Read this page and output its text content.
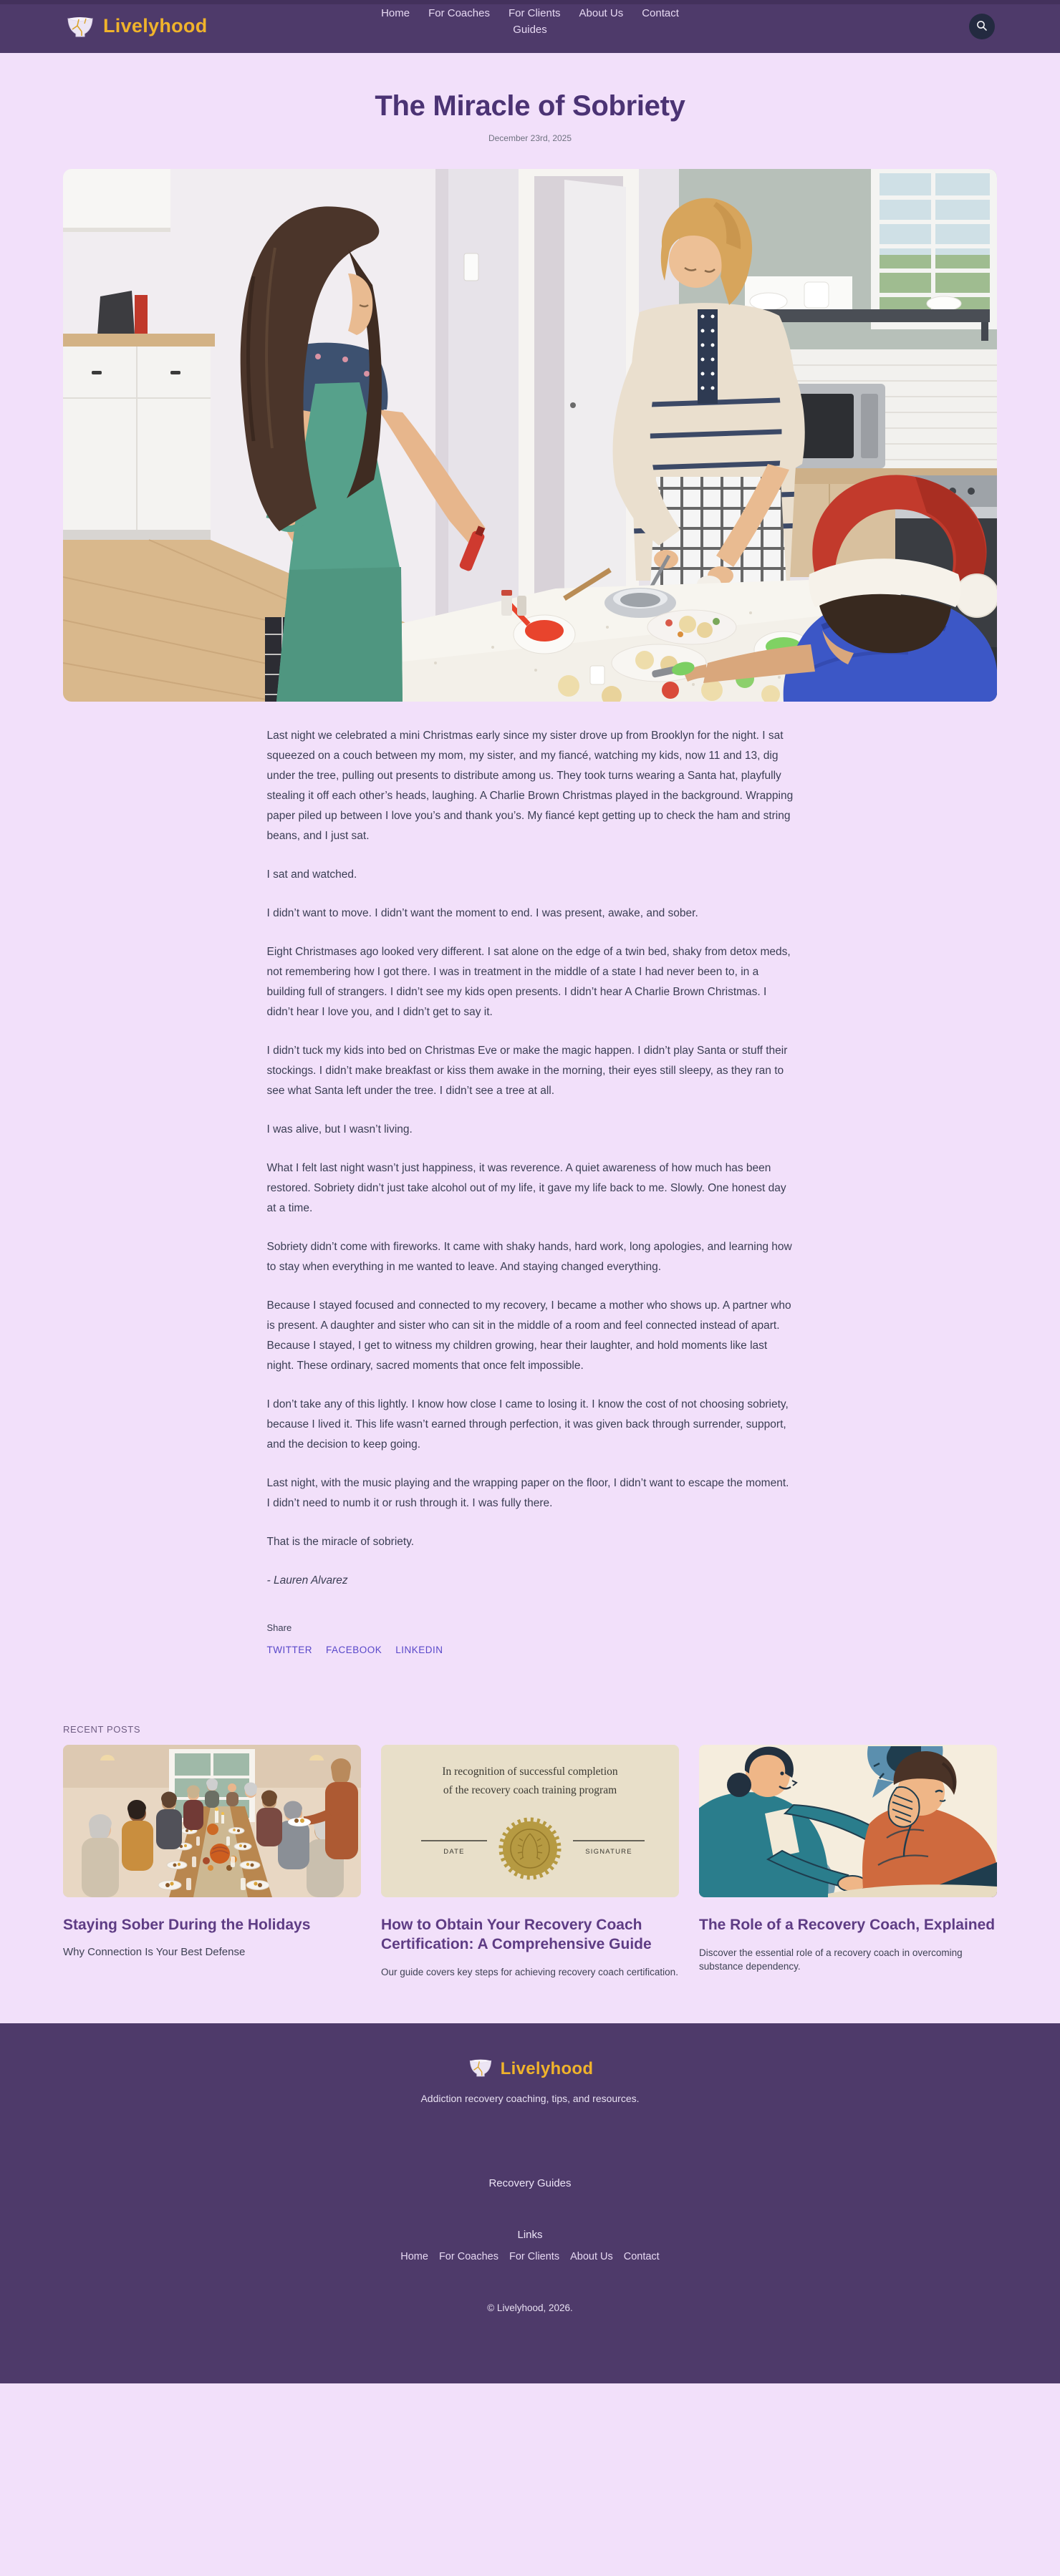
Livelyhood
Home For Coaches For Clients About Us Contact
Guides
The Miracle of Sobriety
December 23rd, 2025

Last night we celebrated a mini Christmas early since my sister drove up from Brooklyn for the night. I sat squeezed on a couch between my mom, my sister, and my fiancé, watching my kids, now 11 and 13, dig under the tree, pulling out presents to distribute among us. They took turns wearing a Santa hat, playfully stealing it off each other’s heads, laughing. A Charlie Brown Christmas played in the background. Wrapping paper piled up between I love you’s and thank you’s. My fiancé kept getting up to check the ham and string beans, and I just sat.

I sat and watched.

I didn’t want to move. I didn’t want the moment to end. I was present, awake, and sober.

Eight Christmases ago looked very different. I sat alone on the edge of a twin bed, shaky from detox meds, not remembering how I got there. I was in treatment in the middle of a state I had never been to, in a building full of strangers. I didn’t see my kids open presents. I didn’t hear A Charlie Brown Christmas. I didn’t hear I love you, and I didn’t get to say it.

I didn’t tuck my kids into bed on Christmas Eve or make the magic happen. I didn’t play Santa or stuff their stockings. I didn’t make breakfast or kiss them awake in the morning, their eyes still sleepy, as they ran to see what Santa left under the tree. I didn’t see a tree at all.

I was alive, but I wasn’t living.

What I felt last night wasn’t just happiness, it was reverence. A quiet awareness of how much has been restored. Sobriety didn’t just take alcohol out of my life, it gave my life back to me. Slowly. One honest day at a time.

Sobriety didn’t come with fireworks. It came with shaky hands, hard work, long apologies, and learning how to stay when everything in me wanted to leave. And staying changed everything.

Because I stayed focused and connected to my recovery, I became a mother who shows up. A partner who is present. A daughter and sister who can sit in the middle of a room and feel connected instead of apart. Because I stayed, I get to witness my children growing, hear their laughter, and hold moments like last night. These ordinary, sacred moments that once felt impossible.

I don’t take any of this lightly. I know how close I came to losing it. I know the cost of not choosing sobriety, because I lived it. This life wasn’t earned through perfection, it was given back through surrender, support, and the decision to keep going.

Last night, with the music playing and the wrapping paper on the floor, I didn’t want to escape the moment. I didn’t need to numb it or rush through it. I was fully there.

That is the miracle of sobriety.

- Lauren Alvarez

Share
TWITTER FACEBOOK LINKEDIN
RECENT POSTS
Staying Sober During the Holidays
Why Connection Is Your Best Defense
In recognition of successful completion
of the recovery coach training program
DATE	SIGNATURE
How to Obtain Your Recovery Coach Certification: A Comprehensive Guide
Our guide covers key steps for achieving recovery coach certification.
The Role of a Recovery Coach, Explained
Discover the essential role of a recovery coach in overcoming substance dependency.
Livelyhood
Addiction recovery coaching, tips, and resources.
Recovery Guides
Links
Home For Coaches For Clients About Us Contact
© Livelyhood, 2026.
